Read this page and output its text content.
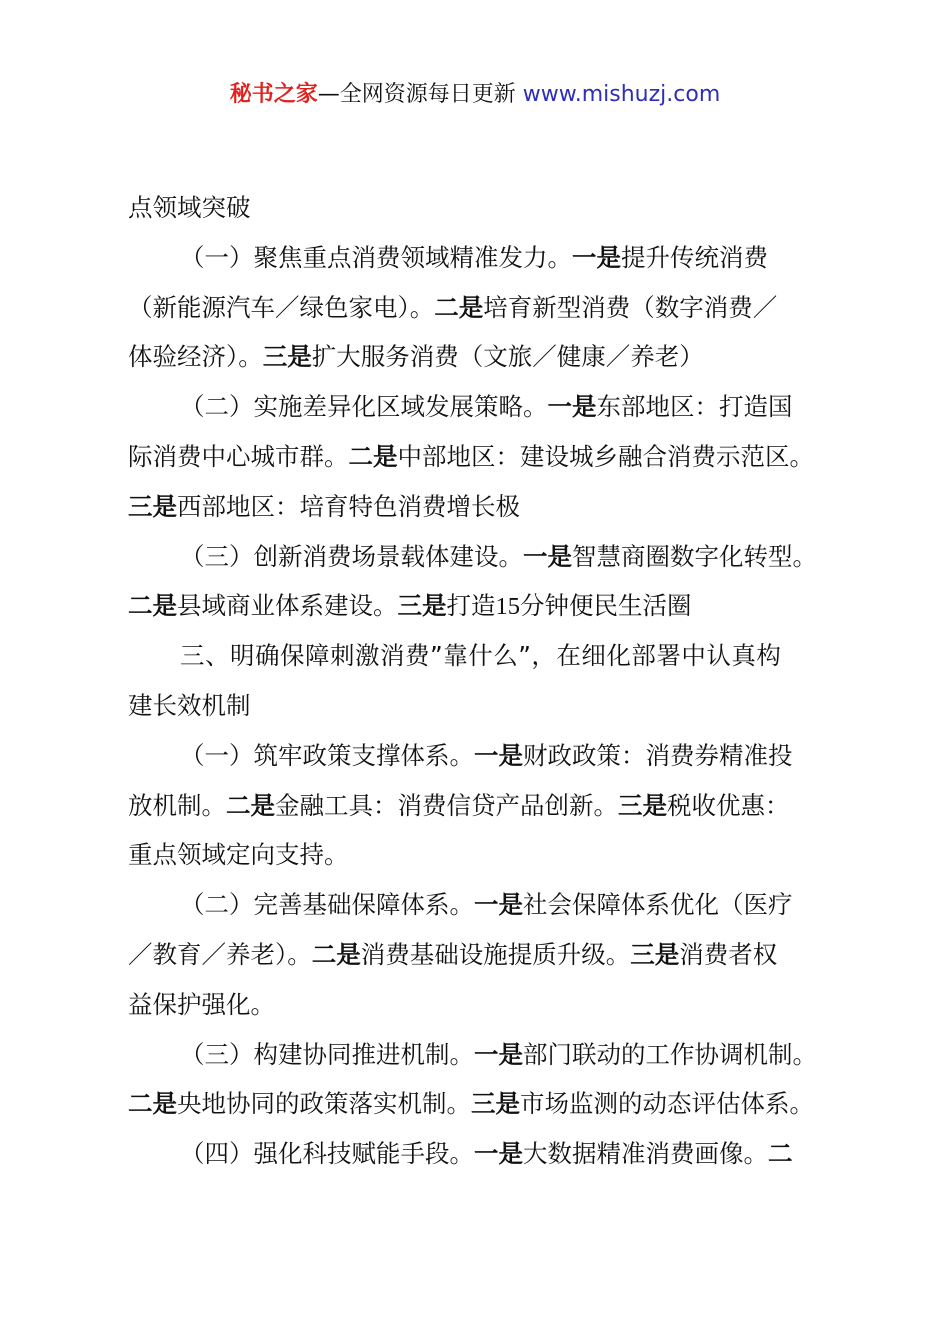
秘书之家—全网资源每日更新 www.mishuzj.com
点领域突破
（一）聚焦重点消费领域精准发力。一是提升传统消费
（新能源汽车／绿色家电）。二是培育新型消费（数字消费／
体验经济）。三是扩大服务消费（文旅／健康／养老）
（二）实施差异化区域发展策略。一是东部地区：打造国
际消费中心城市群。二是中部地区：建设城乡融合消费示范区。
三是西部地区：培育特色消费增长极
（三）创新消费场景载体建设。一是智慧商圈数字化转型。
二是县域商业体系建设。三是打造15分钟便民生活圈
三、明确保障刺激消费”靠什么”，在细化部署中认真构
建长效机制
（一）筑牢政策支撑体系。一是财政政策：消费券精准投
放机制。二是金融工具：消费信贷产品创新。三是税收优惠：
重点领域定向支持。
（二）完善基础保障体系。一是社会保障体系优化（医疗
／教育／养老）。二是消费基础设施提质升级。三是消费者权
益保护强化。
（三）构建协同推进机制。一是部门联动的工作协调机制。
二是央地协同的政策落实机制。三是市场监测的动态评估体系。
（四）强化科技赋能手段。一是大数据精准消费画像。二
